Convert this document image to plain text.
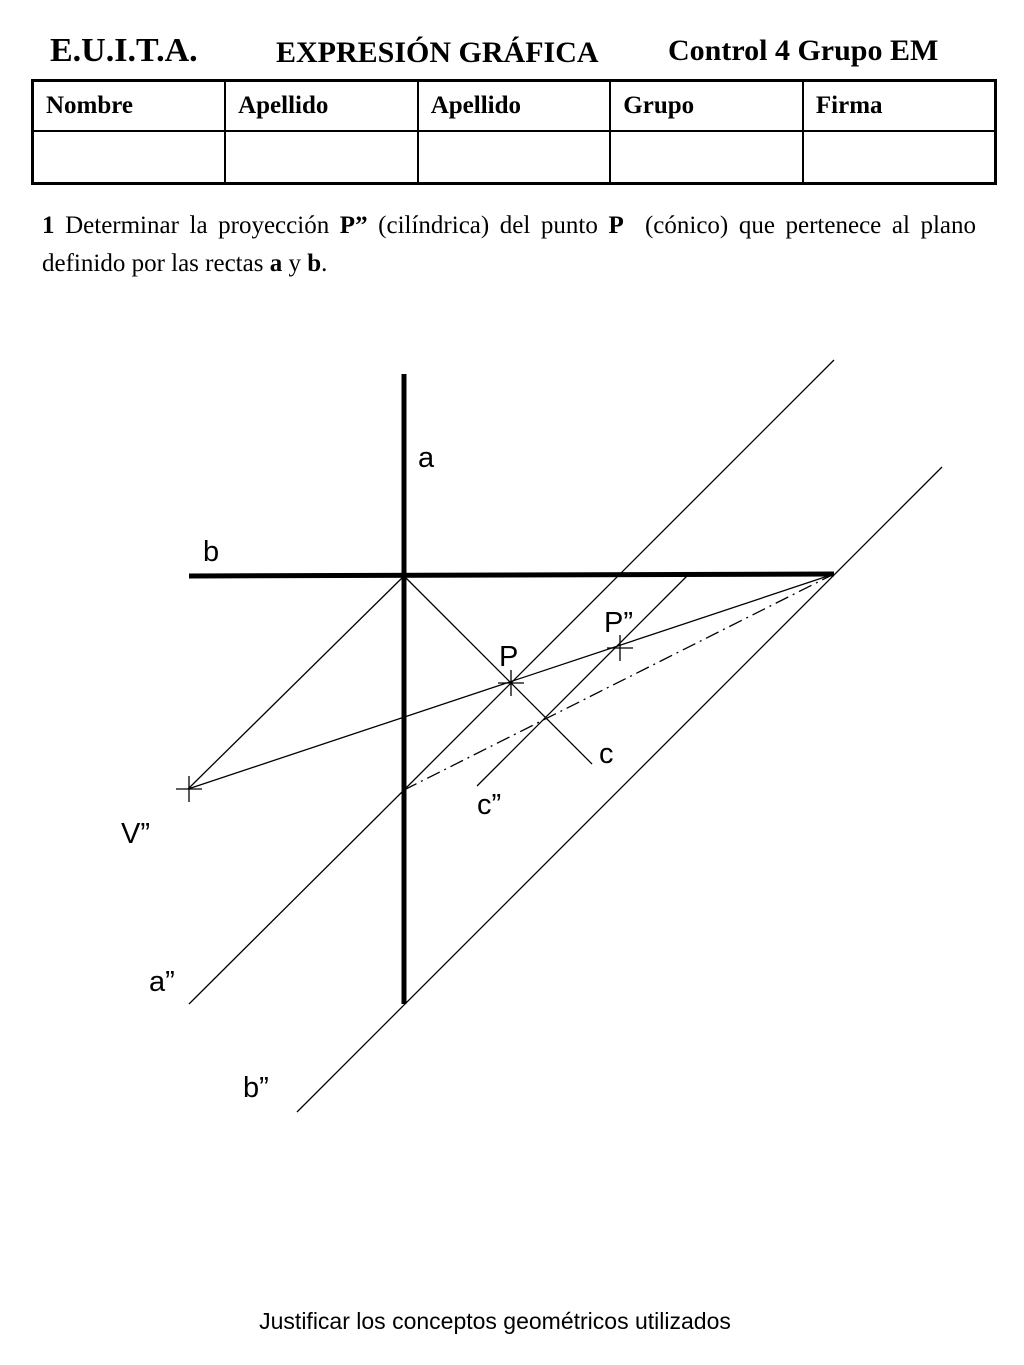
E.U.I.T.A.	EXPRESIÓN GRÁFICA Control 4 Grupo EM
Nombre	Apellido	Apellido	Grupo	Firma

1 Determinar la proyección P” (cilíndrica) del punto P (cónico) que pertenece al plano definido por las rectas a y b.
a
b
P”
P
c
c”
V”
a”
b”
Justificar los conceptos geométricos utilizados
